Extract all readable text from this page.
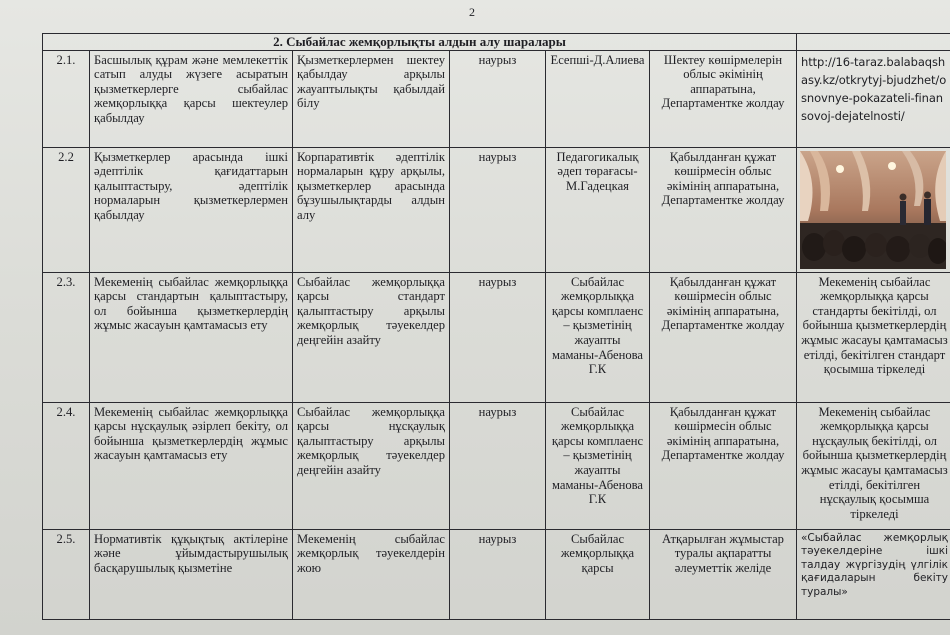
2
2. Сыбайлас жемқорлықты алдын алу шаралары						
2.1.	Басшылық құрам және мемлекеттік сатып алуды жүзеге асыратын қызметкерлерге сыбайлас жемқорлыққа қарсы шектеулер қабылдау	Қызметкерлермен шектеу қабылдау арқылы жауаптылықты қабылдай білу	наурыз	Есепші-Д.Алиева	Шектеу көшірмелерін облыс әкімінің аппаратына, Департаментке жолдау	http://16-taraz.balabaqshasy.kz/otkrytyj-bjudzhet/osnovnye-pokazateli-finansovoj-dejatelnosti/
2.2	Қызметкерлер арасында ішкі әдептілік қағидаттарын қалыптастыру, әдептілік нормаларын қызметкерлермен қабылдау	Корпаративтік әдептілік нормаларын құру арқылы, қызметкерлер арасында бұзушылықтарды алдын алу	наурыз	Педагогикалық әдеп төрағасы-М.Гадецкая	Қабылданған құжат көшірмесін облыс әкімінің аппаратына, Департаментке жолдау	

2.3.	Мекеменің сыбайлас жемқорлыққа қарсы стандартын қалыптастыру, ол бойынша қызметкерлердің жұмыс жасауын қамтамасыз ету	Сыбайлас жемқорлыққа қарсы стандарт қалыптастыру арқылы жемқорлық тәуекелдер деңгейін азайту	наурыз	Сыбайлас жемқорлыққа қарсы комплаенс – қызметінің жауапты маманы-Абенова Г.К	Қабылданған құжат көшірмесін облыс әкімінің аппаратына, Департаментке жолдау	Мекеменің сыбайлас жемқорлыққа қарсы стандарты бекітілді, ол бойынша қызметкерлердің жұмыс жасауы қамтамасыз етілді, бекітілген стандарт қосымша тіркеледі
2.4.	Мекеменің сыбайлас жемқорлыққа қарсы нұсқаулық әзірлеп бекіту, ол бойынша қызметкерлердің жұмыс жасауын қамтамасыз ету	Сыбайлас жемқорлыққа қарсы нұсқаулық қалыптастыру арқылы жемқорлық тәуекелдер деңгейін азайту	наурыз	Сыбайлас жемқорлыққа қарсы комплаенс – қызметінің жауапты маманы-Абенова Г.К	Қабылданған құжат көшірмесін облыс әкімінің аппаратына, Департаментке жолдау	Мекеменің сыбайлас жемқорлыққа қарсы нұсқаулық бекітілді, ол бойынша қызметкерлердің жұмыс жасауы қамтамасыз етілді, бекітілген нұсқаулық қосымша тіркеледі
2.5.	Нормативтік құқықтық актілеріне және ұйымдастырушылық басқарушылық қызметіне	Мекеменің сыбайлас жемқорлық тәуекелдерін жою	наурыз	Сыбайлас жемқорлыққа қарсы	Атқарылған жұмыстар туралы ақпаратты әлеуметтік желіде	«Сыбайлас жемқорлық тәуекелдеріне ішкі талдау жүргізудің үлгілік қағидаларын бекіту туралы»
